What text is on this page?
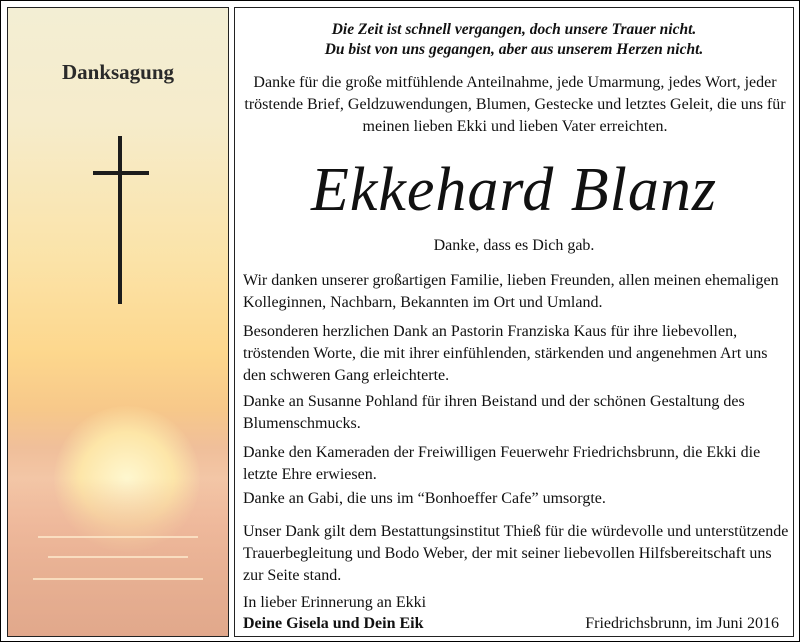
Danksagung

Die Zeit ist schnell vergangen, doch unsere Trauer nicht.
Du bist von uns gegangen, aber aus unserem Herzen nicht.

Danke für die große mitfühlende Anteilnahme, jede Umarmung, jedes Wort, jeder tröstende Brief, Geldzuwendungen, Blumen, Gestecke und letztes Geleit, die uns für meinen lieben Ekki und lieben Vater erreichten.

Ekkehard Blanz

Danke, dass es Dich gab.

Wir danken unserer großartigen Familie, lieben Freunden, allen meinen ehemaligen Kolleginnen, Nachbarn, Bekannten im Ort und Umland.

Besonderen herzlichen Dank an Pastorin Franziska Kaus für ihre liebevollen, tröstenden Worte, die mit ihrer einfühlenden, stärkenden und angenehmen Art uns den schweren Gang erleichterte.

Danke an Susanne Pohland für ihren Beistand und der schönen Gestaltung des Blumenschmucks.

Danke den Kameraden der Freiwilligen Feuerwehr Friedrichsbrunn, die Ekki die letzte Ehre erwiesen.

Danke an Gabi, die uns im “Bonhoeffer Cafe” umsorgte.

Unser Dank gilt dem Bestattungsinstitut Thieß für die würdevolle und unterstützende Trauerbegleitung und Bodo Weber, der mit seiner liebevollen Hilfsbereitschaft uns zur Seite stand.

In lieber Erinnerung an Ekki
Deine Gisela und Dein Eik	Friedrichsbrunn, im Juni 2016
